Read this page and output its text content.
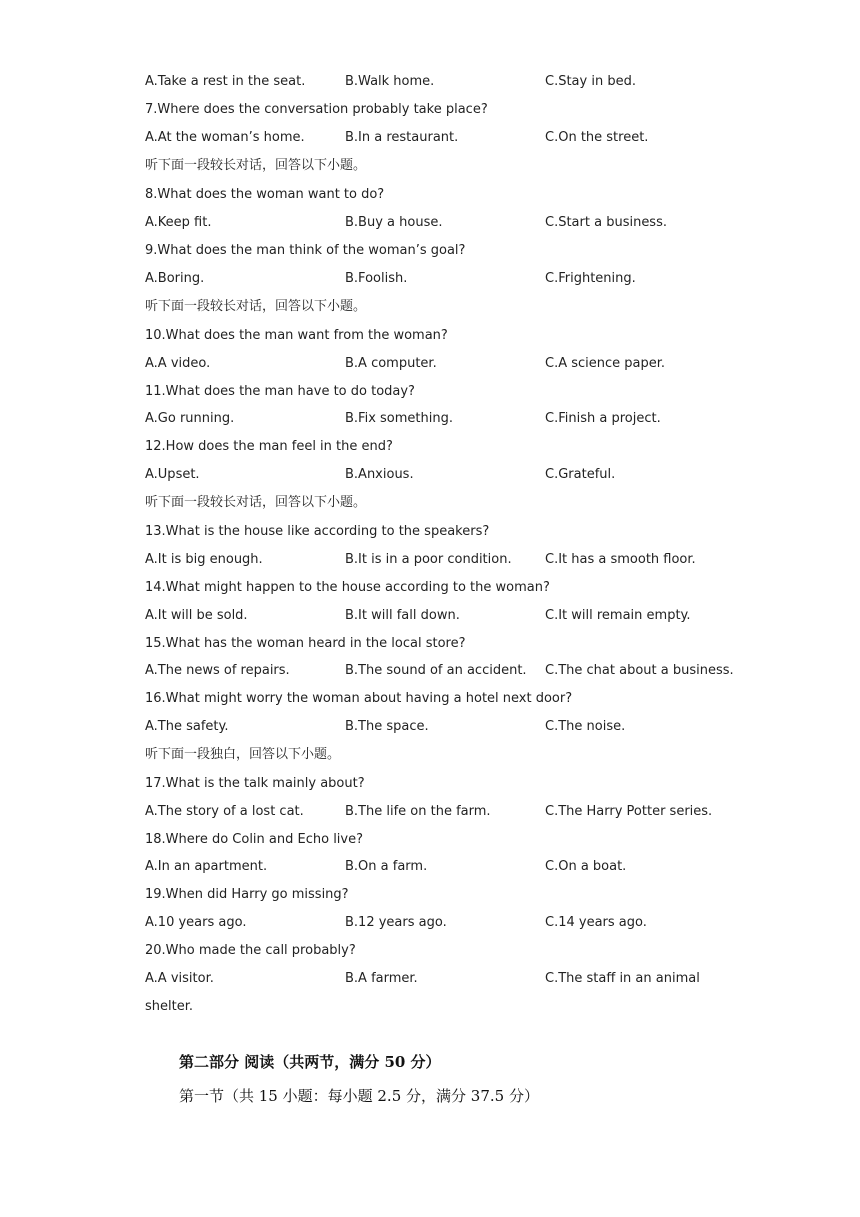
A.Take a rest in the seat.	B.Walk home.	C.Stay in bed.
7.Where does the conversation probably take place?
A.At the woman’s home.	B.In a restaurant.	C.On the street.
听下面一段较长对话，回答以下小题。
8.What does the woman want to do?
A.Keep fit.	B.Buy a house.	C.Start a business.
9.What does the man think of the woman’s goal?
A.Boring.	B.Foolish.	C.Frightening.
听下面一段较长对话，回答以下小题。
10.What does the man want from the woman?
A.A video.	B.A computer.	C.A science paper.
11.What does the man have to do today?
A.Go running.	B.Fix something.	C.Finish a project.
12.How does the man feel in the end?
A.Upset.	B.Anxious.	C.Grateful.
听下面一段较长对话，回答以下小题。
13.What is the house like according to the speakers?
A.It is big enough.	B.It is in a poor condition.	C.It has a smooth floor.
14.What might happen to the house according to the woman?
A.It will be sold.	B.It will fall down.	C.It will remain empty.
15.What has the woman heard in the local store?
A.The news of repairs.	B.The sound of an accident. C.The chat about a business.
16.What might worry the woman about having a hotel next door?
A.The safety.	B.The space.	C.The noise.
听下面一段独白，回答以下小题。
17.What is the talk mainly about?
A.The story of a lost cat.	B.The life on the farm.	C.The Harry Potter series.
18.Where do Colin and Echo live?
A.In an apartment.	B.On a farm.	C.On a boat.
19.When did Harry go missing?
A.10 years ago.	B.12 years ago.	C.14 years ago.
20.Who made the call probably?
A.A visitor.	B.A farmer.	C.The staff in an animal
shelter.
第二部分 阅读（共两节，满分 50 分）
第一节（共 15 小题：每小题 2.5 分，满分 37.5 分）
